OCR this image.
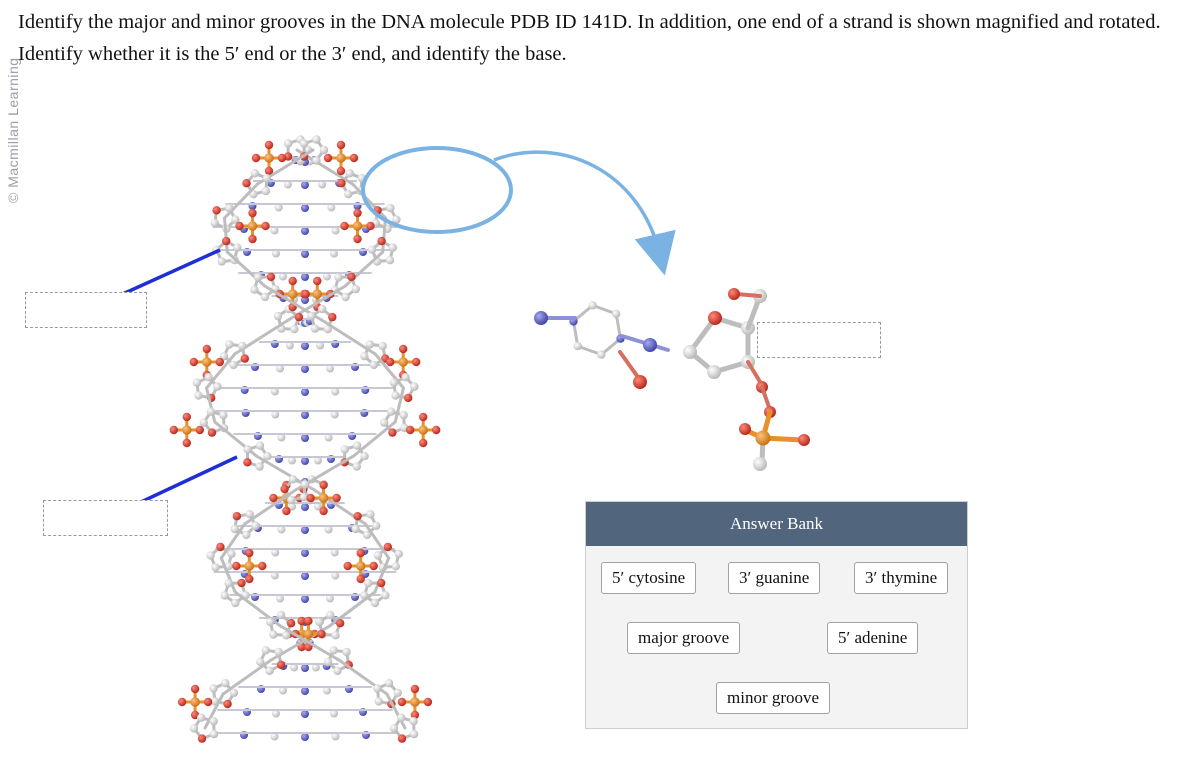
© Macmillan Learning
Identify the major and minor grooves in the DNA molecule PDB ID 141D. In addition, one end of a strand is shown magnified and rotated. Identify whether it is the 5′ end or the 3′ end, and identify the base.
Answer Bank
5′ cytosine	3′ guanine	3′ thymine
major groove	5′ adenine
minor groove
